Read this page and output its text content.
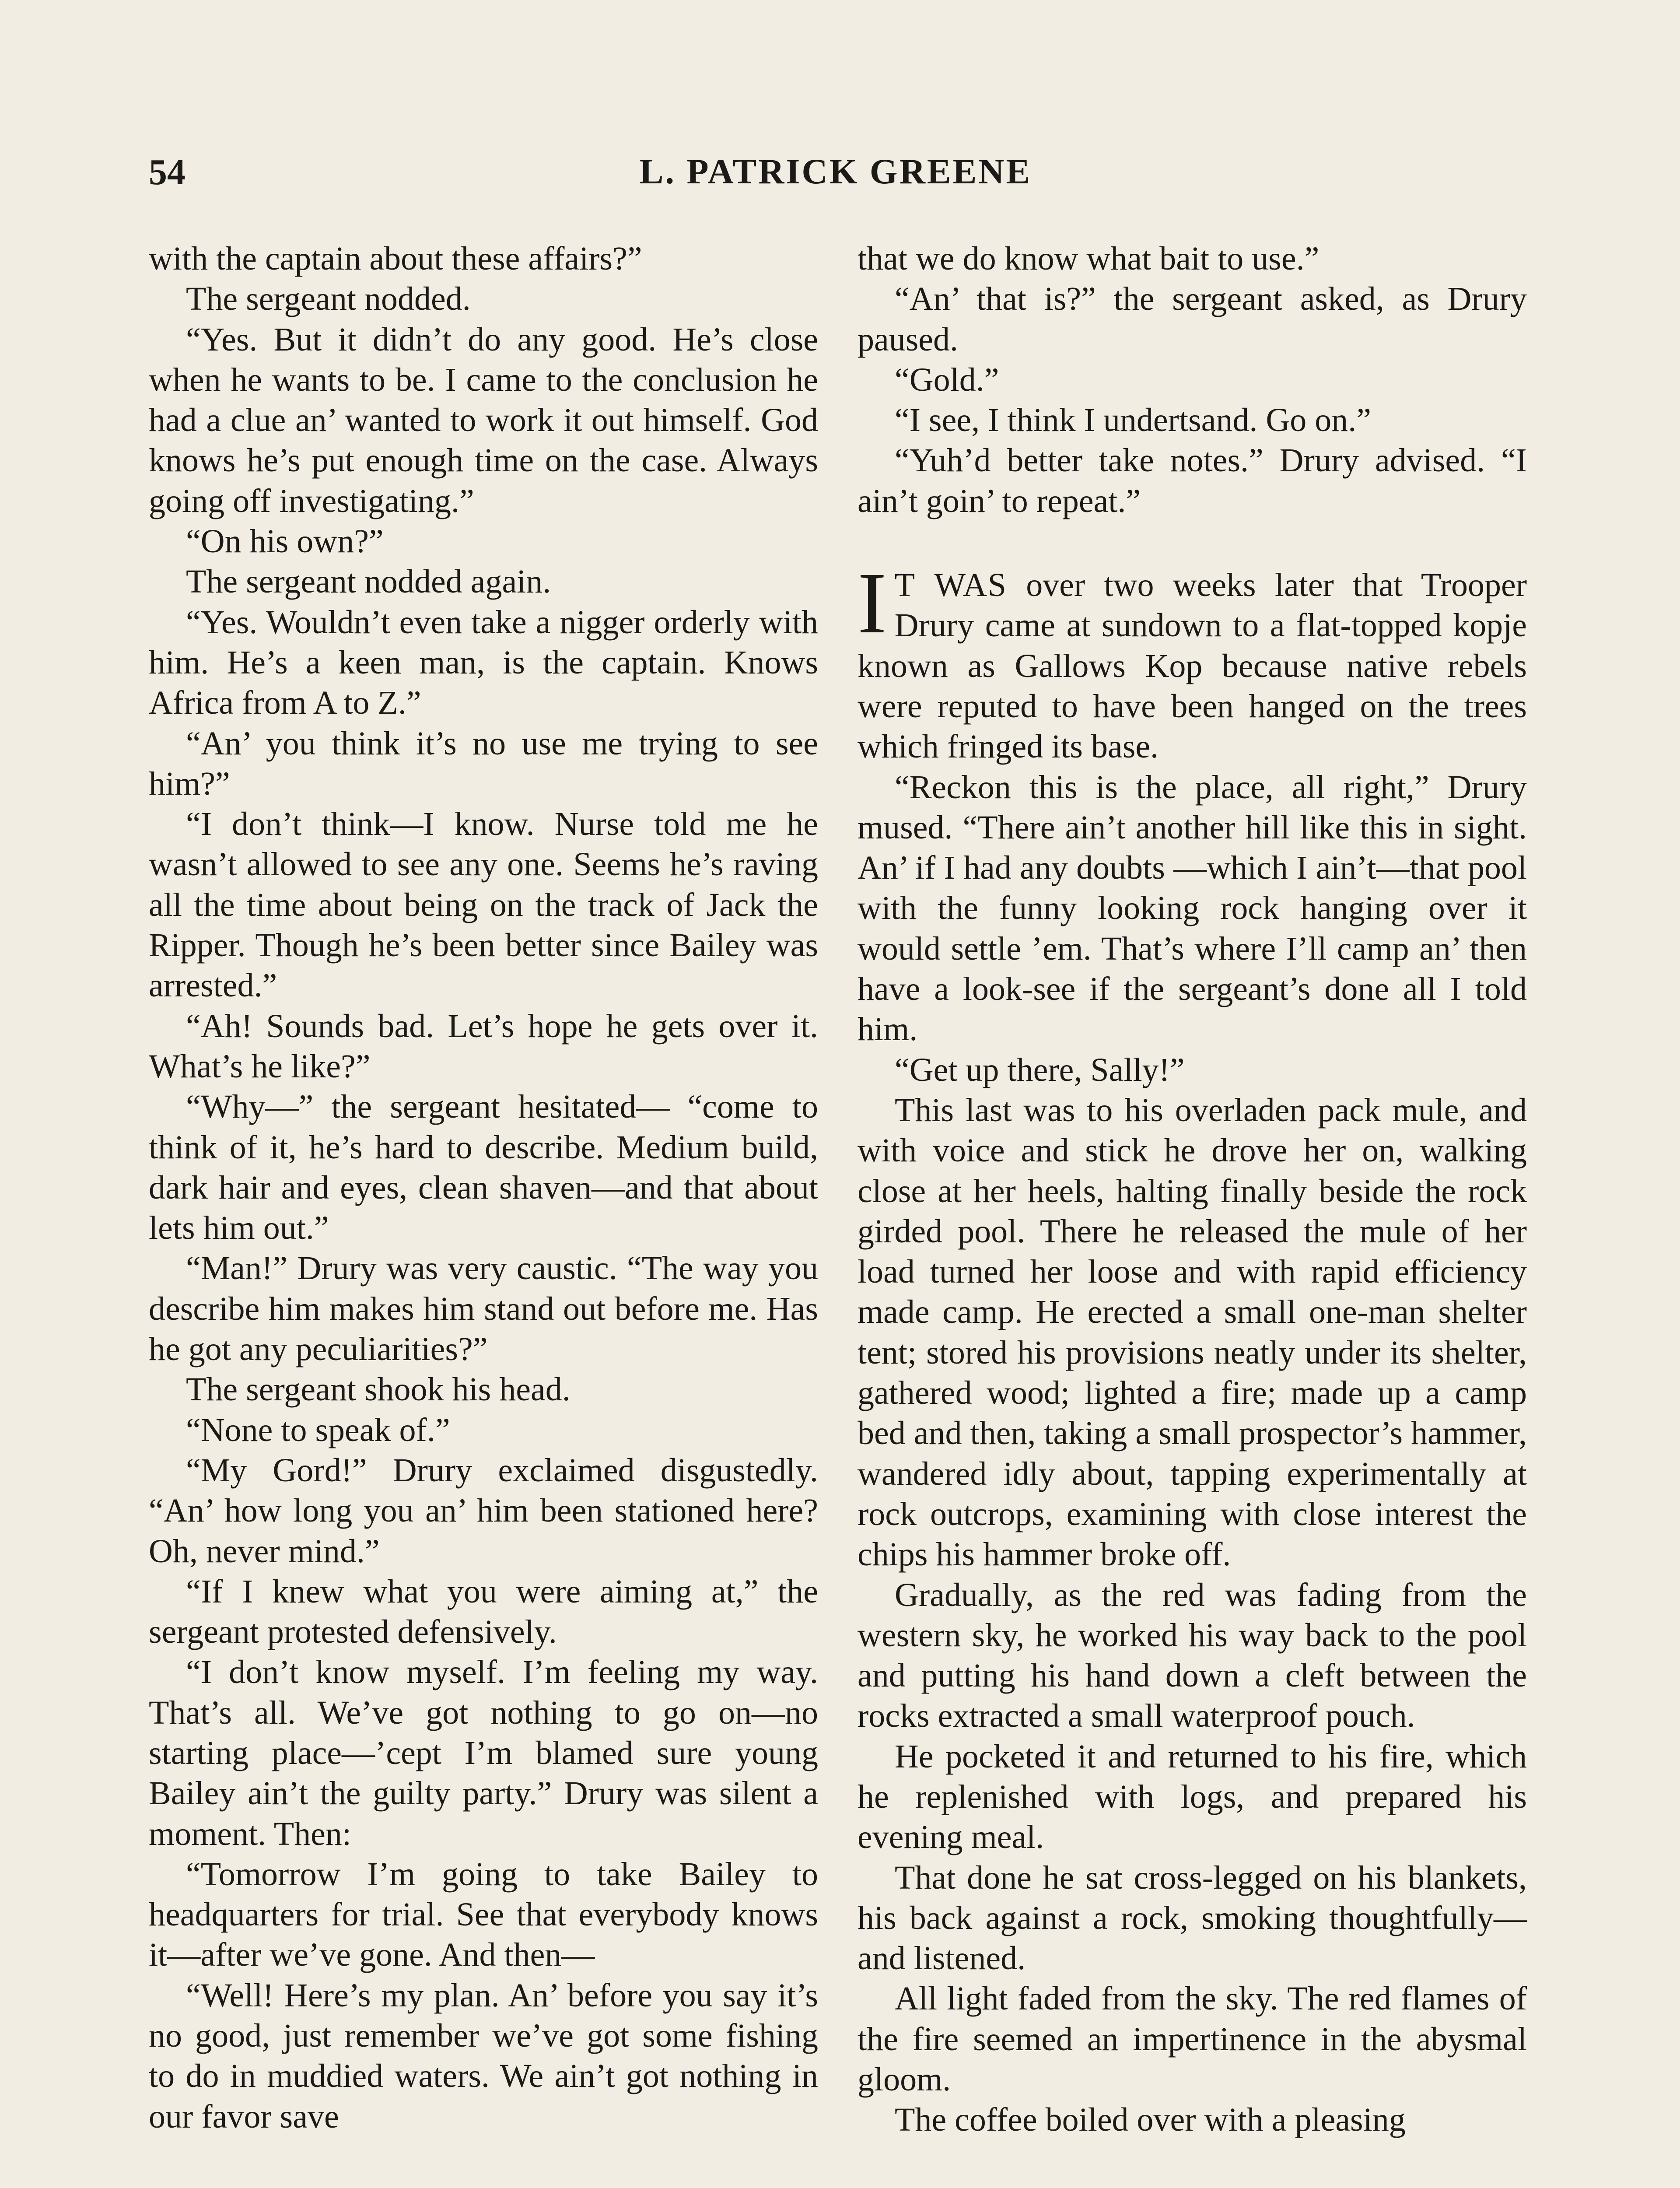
54	L. PATRICK GREENE

with the captain about these affairs?”

The sergeant nodded.

“Yes. But it didn’t do any good. He’s close when he wants to be. I came to the conclusion he had a clue an’ wanted to work it out himself. God knows he’s put enough time on the case. Always going off investigating.”

“On his own?”

The sergeant nodded again.

“Yes. Wouldn’t even take a nigger orderly with him. He’s a keen man, is the captain. Knows Africa from A to Z.”

“An’ you think it’s no use me trying to see him?”

“I don’t think—I know. Nurse told me he wasn’t allowed to see any one. Seems he’s raving all the time about being on the track of Jack the Ripper. Though he’s been better since Bailey was arrested.”

“Ah! Sounds bad. Let’s hope he gets over it. What’s he like?”

“Why—” the sergeant hesitated— “come to think of it, he’s hard to describe. Medium build, dark hair and eyes, clean shaven—and that about lets him out.”

“Man!” Drury was very caustic. “The way you describe him makes him stand out before me. Has he got any peculiarities?”

The sergeant shook his head.

“None to speak of.”

“My Gord!” Drury exclaimed disgustedly. “An’ how long you an’ him been stationed here? Oh, never mind.”

“If I knew what you were aiming at,” the sergeant protested defensively.

“I don’t know myself. I’m feeling my way. That’s all. We’ve got nothing to go on—no starting place—’cept I’m blamed sure young Bailey ain’t the guilty party.” Drury was silent a moment. Then:

“Tomorrow I’m going to take Bailey to headquarters for trial. See that everybody knows it—after we’ve gone. And then—

“Well! Here’s my plan. An’ before you say it’s no good, just remember we’ve got some fishing to do in muddied waters. We ain’t got nothing in our favor save

that we do know what bait to use.”

“An’ that is?” the sergeant asked, as Drury paused.

“Gold.”

“I see, I think I undertsand. Go on.”

“Yuh’d better take notes.” Drury advised. “I ain’t goin’ to repeat.”

I T WAS over two weeks later that Trooper Drury came at sundown to a flat-topped kopje known as Gallows Kop because native rebels were reputed to have been hanged on the trees which fringed its base.

“Reckon this is the place, all right,” Drury mused. “There ain’t another hill like this in sight. An’ if I had any doubts —which I ain’t—that pool with the funny looking rock hanging over it would settle ’em. That’s where I’ll camp an’ then have a look-see if the sergeant’s done all I told him.

“Get up there, Sally!”

This last was to his overladen pack mule, and with voice and stick he drove her on, walking close at her heels, halting finally beside the rock girded pool. There he released the mule of her load turned her loose and with rapid efficiency made camp. He erected a small one-man shelter tent; stored his provisions neatly under its shelter, gathered wood; lighted a fire; made up a camp bed and then, taking a small prospector’s hammer, wandered idly about, tapping experimentally at rock outcrops, examining with close interest the chips his hammer broke off.

Gradually, as the red was fading from the western sky, he worked his way back to the pool and putting his hand down a cleft between the rocks extracted a small waterproof pouch.

He pocketed it and returned to his fire, which he replenished with logs, and prepared his evening meal.

That done he sat cross-legged on his blankets, his back against a rock, smoking thoughtfully—and listened.

All light faded from the sky. The red flames of the fire seemed an impertinence in the abysmal gloom.

The coffee boiled over with a pleasing
